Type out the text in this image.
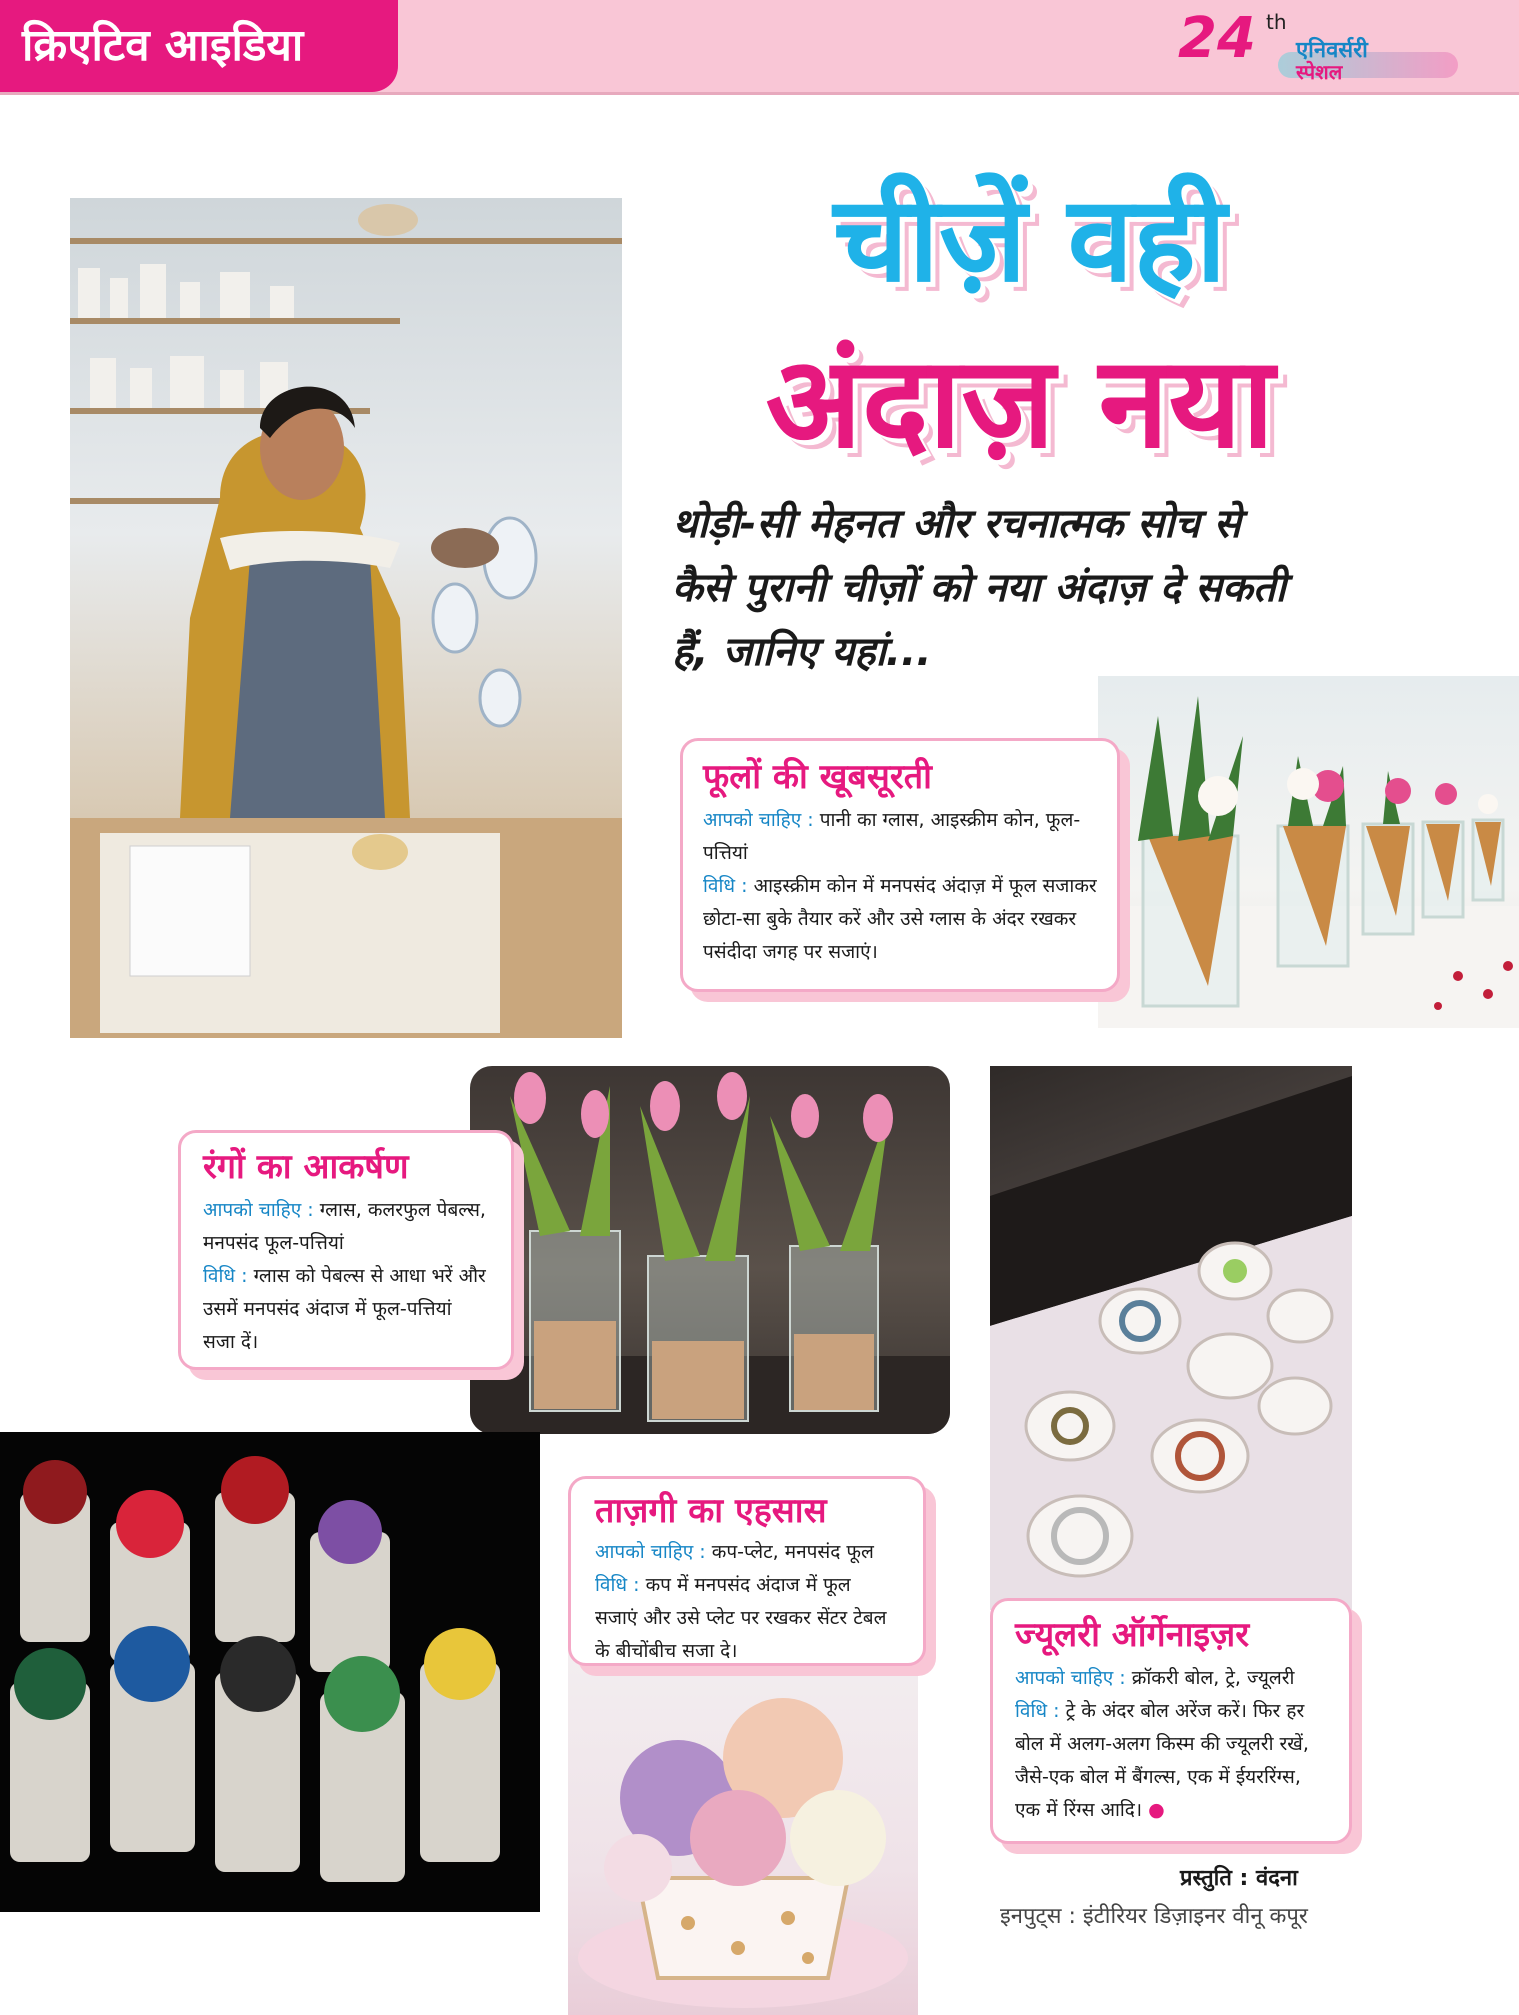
क्रिएटिव आइडिया	24 th
एनिवर्सरी
स्पेशल
चीज़ें वही
अंदाज़ नया
थोड़ी-सी मेहनत और रचनात्मक सोच से कैसे पुरानी चीज़ों को नया अंदाज़ दे सकती हैं, जानिए यहां...
फूलों की खूबसूरती
आपको चाहिए : पानी का ग्लास, आइस्क्रीम कोन, फूल-पत्तियां
विधि : आइस्क्रीम कोन में मनपसंद अंदाज़ में फूल सजाकर छोटा-सा बुके तैयार करें और उसे ग्लास के अंदर रखकर पसंदीदा जगह पर सजाएं।
रंगों का आकर्षण
आपको चाहिए : ग्लास, कलरफुल पेबल्स, मनपसंद फूल-पत्तियां
विधि : ग्लास को पेबल्स से आधा भरें और उसमें मनपसंद अंदाज में फूल-पत्तियां सजा दें।
ताज़गी का एहसास
आपको चाहिए : कप-प्लेट, मनपसंद फूल
विधि : कप में मनपसंद अंदाज में फूल सजाएं और उसे प्लेट पर रखकर सेंटर टेबल के बीचोंबीच सजा दे।	ज्यूलरी ऑर्गेनाइज़र
आपको चाहिए : क्रॉकरी बोल, ट्रे, ज्यूलरी
विधि : ट्रे के अंदर बोल अरेंज करें। फिर हर बोल में अलग-अलग किस्म की ज्यूलरी रखें, जैसे-एक बोल में बैंगल्स, एक में ईयररिंग्स, एक में रिंग्स आदि। ●
प्रस्तुति : वंदना
इनपुट्स : इंटीरियर डिज़ाइनर वीनू कपूर
